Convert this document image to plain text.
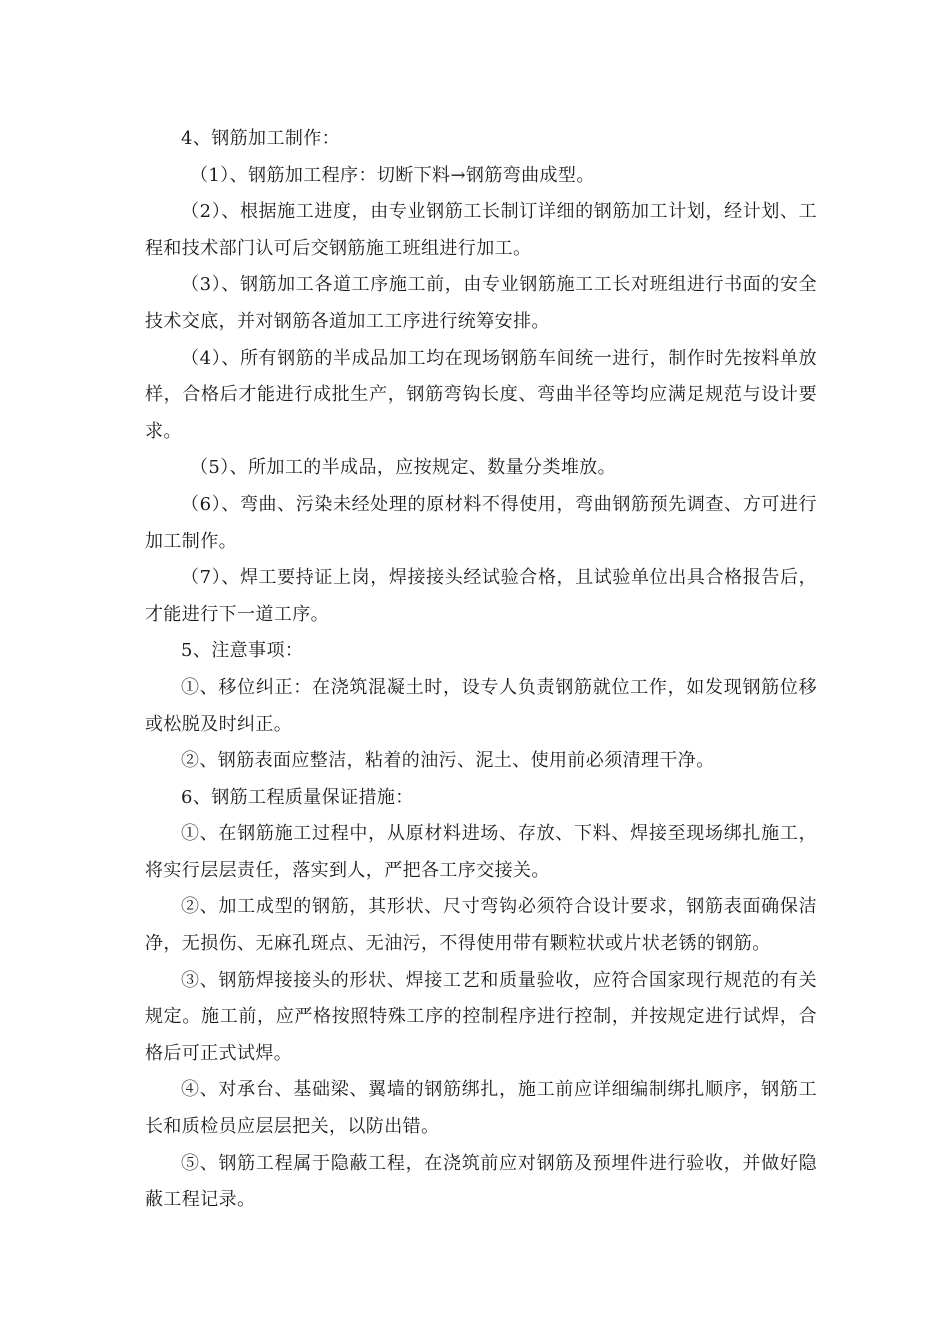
4、钢筋加工制作：

（1）、钢筋加工程序：切断下料→钢筋弯曲成型。

（2）、根据施工进度，由专业钢筋工长制订详细的钢筋加工计划，经计划、工程和技术部门认可后交钢筋施工班组进行加工。

（3）、钢筋加工各道工序施工前，由专业钢筋施工工长对班组进行书面的安全技术交底，并对钢筋各道加工工序进行统筹安排。

（4）、所有钢筋的半成品加工均在现场钢筋车间统一进行，制作时先按料单放样，合格后才能进行成批生产，钢筋弯钩长度、弯曲半径等均应满足规范与设计要求。

（5）、所加工的半成品，应按规定、数量分类堆放。

（6）、弯曲、污染未经处理的原材料不得使用，弯曲钢筋预先调查、方可进行加工制作。

（7）、焊工要持证上岗，焊接接头经试验合格，且试验单位出具合格报告后，才能进行下一道工序。

5、注意事项：

①、移位纠正：在浇筑混凝土时，设专人负责钢筋就位工作，如发现钢筋位移或松脱及时纠正。

②、钢筋表面应整洁，粘着的油污、泥土、使用前必须清理干净。

6、钢筋工程质量保证措施：

①、在钢筋施工过程中，从原材料进场、存放、下料、焊接至现场绑扎施工，将实行层层责任，落实到人，严把各工序交接关。

②、加工成型的钢筋，其形状、尺寸弯钩必须符合设计要求，钢筋表面确保洁净，无损伤、无麻孔斑点、无油污，不得使用带有颗粒状或片状老锈的钢筋。

③、钢筋焊接接头的形状、焊接工艺和质量验收，应符合国家现行规范的有关规定。施工前，应严格按照特殊工序的控制程序进行控制，并按规定进行试焊，合格后可正式试焊。

④、对承台、基础梁、翼墙的钢筋绑扎，施工前应详细编制绑扎顺序，钢筋工长和质检员应层层把关，以防出错。

⑤、钢筋工程属于隐蔽工程，在浇筑前应对钢筋及预埋件进行验收，并做好隐蔽工程记录。
